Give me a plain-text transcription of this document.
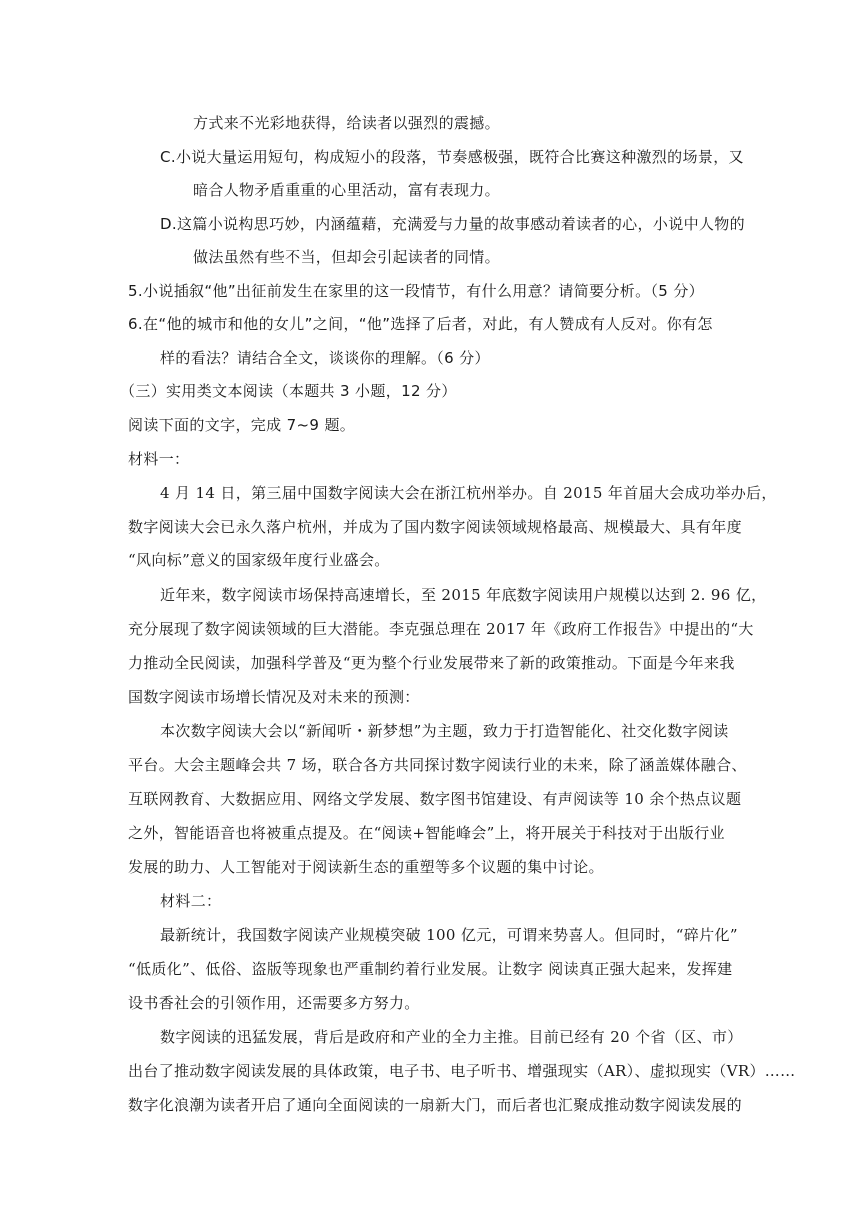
方式来不光彩地获得，给读者以强烈的震撼。
C.小说大量运用短句，构成短小的段落，节奏感极强，既符合比赛这种激烈的场景，又
暗合人物矛盾重重的心里活动，富有表现力。
D.这篇小说构思巧妙，内涵蕴藉，充满爱与力量的故事感动着读者的心，小说中人物的
做法虽然有些不当，但却会引起读者的同情。
5.小说插叙“他”出征前发生在家里的这一段情节，有什么用意？请简要分析。（5 分）
6.在“他的城市和他的女儿”之间，“他”选择了后者，对此，有人赞成有人反对。你有怎
样的看法？请结合全文，谈谈你的理解。（6 分）
（三）实用类文本阅读（本题共 3 小题，12 分）
阅读下面的文字，完成 7~9 题。
材料一：
4 月 14 日，第三届中国数字阅读大会在浙江杭州举办。自 2015 年首届大会成功举办后，
数字阅读大会已永久落户杭州，并成为了国内数字阅读领域规格最高、规模最大、具有年度
“风向标”意义的国家级年度行业盛会。
近年来，数字阅读市场保持高速增长，至 2015 年底数字阅读用户规模以达到 2. 96 亿，
充分展现了数字阅读领域的巨大潜能。李克强总理在 2017 年《政府工作报告》中提出的“大
力推动全民阅读，加强科学普及“更为整个行业发展带来了新的政策推动。下面是今年来我
国数字阅读市场增长情况及对未来的预测：
本次数字阅读大会以“新闻听・新梦想”为主题，致力于打造智能化、社交化数字阅读
平台。大会主题峰会共 7 场，联合各方共同探讨数字阅读行业的未来，除了涵盖媒体融合、
互联网教育、大数据应用、网络文学发展、数字图书馆建设、有声阅读等 10 余个热点议题
之外，智能语音也将被重点提及。在“阅读+智能峰会”上，将开展关于科技对于出版行业
发展的助力、人工智能对于阅读新生态的重塑等多个议题的集中讨论。
材料二：
最新统计，我国数字阅读产业规模突破 100 亿元，可谓来势喜人。但同时，“碎片化”
“低质化”、低俗、盗版等现象也严重制约着行业发展。让数字 阅读真正强大起来，发挥建
设书香社会的引领作用，还需要多方努力。
数字阅读的迅猛发展，背后是政府和产业的全力主推。目前已经有 20 个省（区、市）
出台了推动数字阅读发展的具体政策，电子书、电子听书、增强现实（AR）、虚拟现实（VR）……
数字化浪潮为读者开启了通向全面阅读的一扇新大门，而后者也汇聚成推动数字阅读发展的
